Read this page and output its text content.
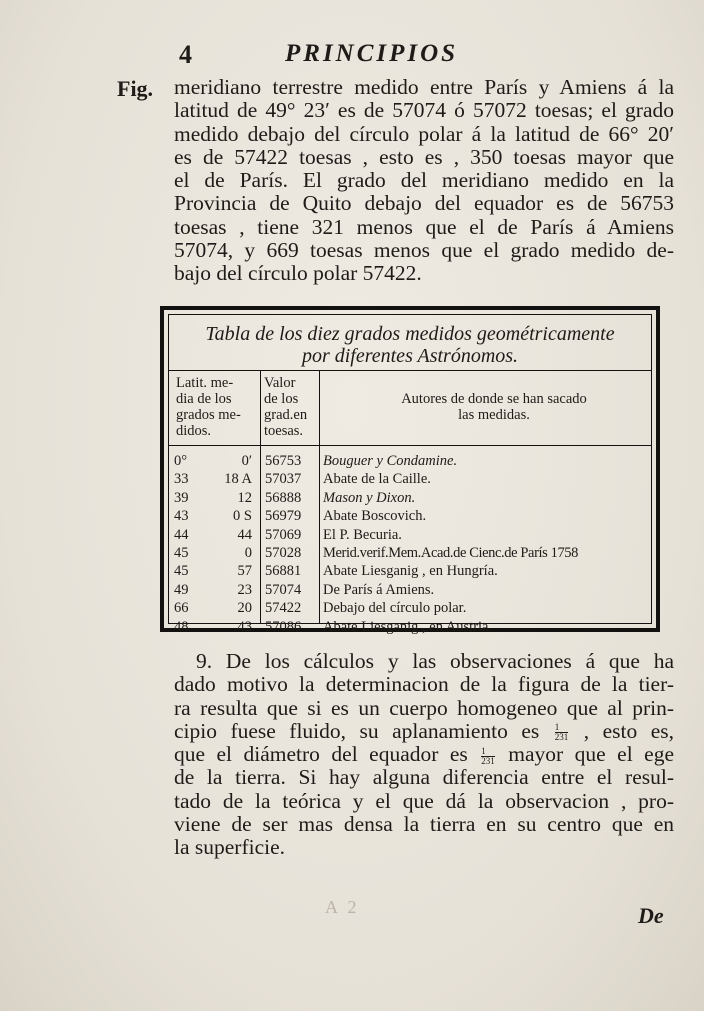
4	PRINCIPIOS
Fig. meridiano terrestre medido entre París y Amiens á la
latitud de 49° 23′ es de 57074 ó 57072 toesas; el grado
medido debajo del círculo polar á la latitud de 66° 20′
es de 57422 toesas , esto es , 350 toesas mayor que
el de París. El grado del meridiano medido en la
Provincia de Quito debajo del equador es de 56753
toesas , tiene 321 menos que el de París á Amiens
57074, y 669 toesas menos que el grado medido de-
bajo del círculo polar 57422.
Tabla de los diez grados medidos geométricamente
por diferentes Astrónomos.
Latit. me-
dia de los
grados me-
didos.
Valor
de los
grad.en
toesas.
Autores de donde se han sacado
las medidas.
0°	0′ 56753	Bouguer y Condamine.
33	18 A 57037	Abate de la Caille.
39	12 56888	Mason y Dixon.
43	0 S 56979	Abate Boscovich.
44	44 57069	El P. Becuria.
45	0 57028	Merid.verif.Mem.Acad.de Cienc.de París 1758
45	57 56881	Abate Liesganig , en Hungría.
49	23 57074	De París á Amiens.
66	20 57422	Debajo del círculo polar.
48	43 57086	Abate Liesganig , en Austria.
9. De los cálculos y las observaciones á que ha
dado motivo la determinacion de la figura de la tier-
ra resulta que si es un cuerpo homogeneo que al prin-
cipio fuese fluido, su aplanamiento es $\frac{1}{231}$ , esto es,
que el diámetro del equador es $\frac{1}{231}$ mayor que el ege
de la tierra. Si hay alguna diferencia entre el resul-
tado de la teórica y el que dá la observacion , pro-
viene de ser mas densa la tierra en su centro que en
la superficie.
A 2	De
